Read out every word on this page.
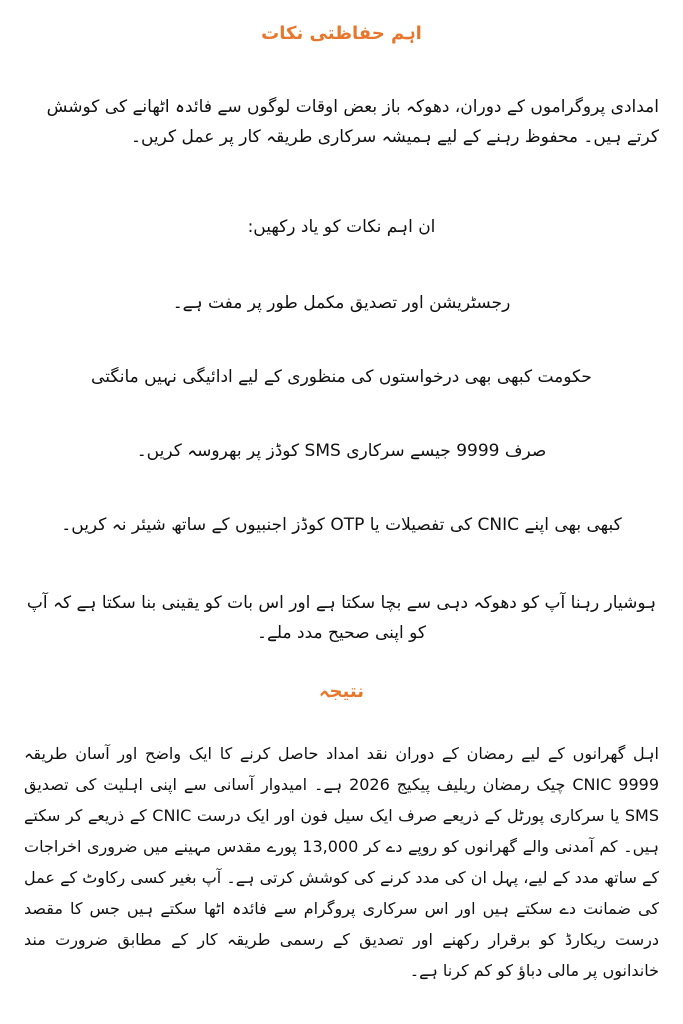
اہم حفاظتی نکات

امدادی پروگراموں کے دوران، دھوکہ باز بعض اوقات لوگوں سے فائدہ اٹھانے کی کوشش کرتے ہیں۔ محفوظ رہنے کے لیے ہمیشہ سرکاری طریقہ کار پر عمل کریں۔

ان اہم نکات کو یاد رکھیں:

رجسٹریشن اور تصدیق مکمل طور پر مفت ہے۔
حکومت کبھی بھی درخواستوں کی منظوری کے لیے ادائیگی نہیں مانگتی
صرف 9999 جیسے سرکاری SMS کوڈز پر بھروسہ کریں۔
کبھی بھی اپنے CNIC کی تفصیلات یا OTP کوڈز اجنبیوں کے ساتھ شیئر نہ کریں۔

ہوشیار رہنا آپ کو دھوکہ دہی سے بچا سکتا ہے اور اس بات کو یقینی بنا سکتا ہے کہ آپ کو اپنی صحیح مدد ملے۔

نتیجہ

اہل گھرانوں کے لیے رمضان کے دوران نقد امداد حاصل کرنے کا ایک واضح اور آسان طریقہ 9999 CNIC چیک رمضان ریلیف پیکیج 2026 ہے۔ امیدوار آسانی سے اپنی اہلیت کی تصدیق SMS یا سرکاری پورٹل کے ذریعے صرف ایک سیل فون اور ایک درست CNIC کے ذریعے کر سکتے ہیں۔ کم آمدنی والے گھرانوں کو روپے دے کر 13,000 پورے مقدس مہینے میں ضروری اخراجات کے ساتھ مدد کے لیے، پہل ان کی مدد کرنے کی کوشش کرتی ہے۔ آپ بغیر کسی رکاوٹ کے عمل کی ضمانت دے سکتے ہیں اور اس سرکاری پروگرام سے فائدہ اٹھا سکتے ہیں جس کا مقصد درست ریکارڈ کو برقرار رکھنے اور تصدیق کے رسمی طریقہ کار کے مطابق ضرورت مند خاندانوں پر مالی دباؤ کو کم کرنا ہے۔
